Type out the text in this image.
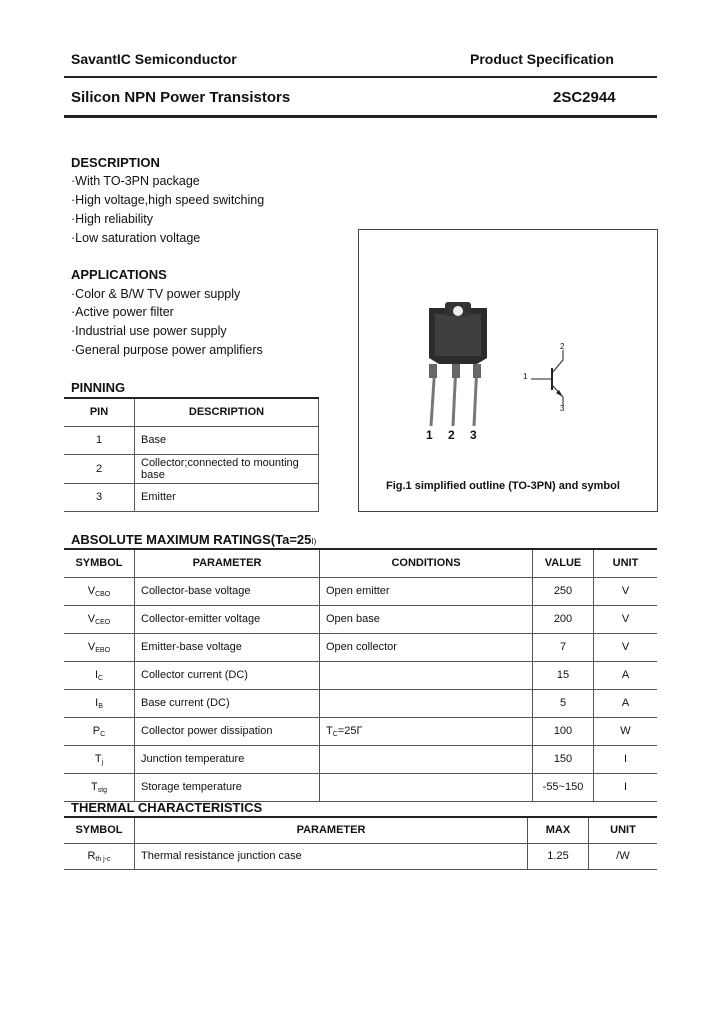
SavantIC Semiconductor	Product Specification
Silicon NPN Power Transistors	2SC2944
DESCRIPTION
·With TO-3PN package
·High voltage,high speed switching
·High reliability
·Low saturation voltage
APPLICATIONS
·Color & B/W TV power supply
·Active power filter
·Industrial use power supply
·General purpose power amplifiers
PINNING
PIN	DESCRIPTION
1	Base
2	Collector;connected to mounting base
3	Emitter
1 2 3
1
2
3
Fig.1 simplified outline (TO-3PN) and symbol
ABSOLUTE MAXIMUM RATINGS(Ta=25І)
SYMBOL	PARAMETER	CONDITIONS	VALUE	UNIT
$V_{CBO}$	Collector-base voltage	Open emitter	250	V
$V_{CEO}$	Collector-emitter voltage	Open base	200	V
$V_{EBO}$	Emitter-base voltage	Open collector	7	V
$I_C$	Collector current (DC)		15	A
$I_B$	Base current (DC)		5	A
$P_C$	Collector power dissipation	$T_C=25Г$	100	W
$T_j$	Junction temperature		150	І
$T_{stg}$	Storage temperature		-55~150	І
THERMAL CHARACTERISTICS
SYMBOL	PARAMETER	MAX	UNIT
$R_{th j-c}$	Thermal resistance junction case	1.25	/W
